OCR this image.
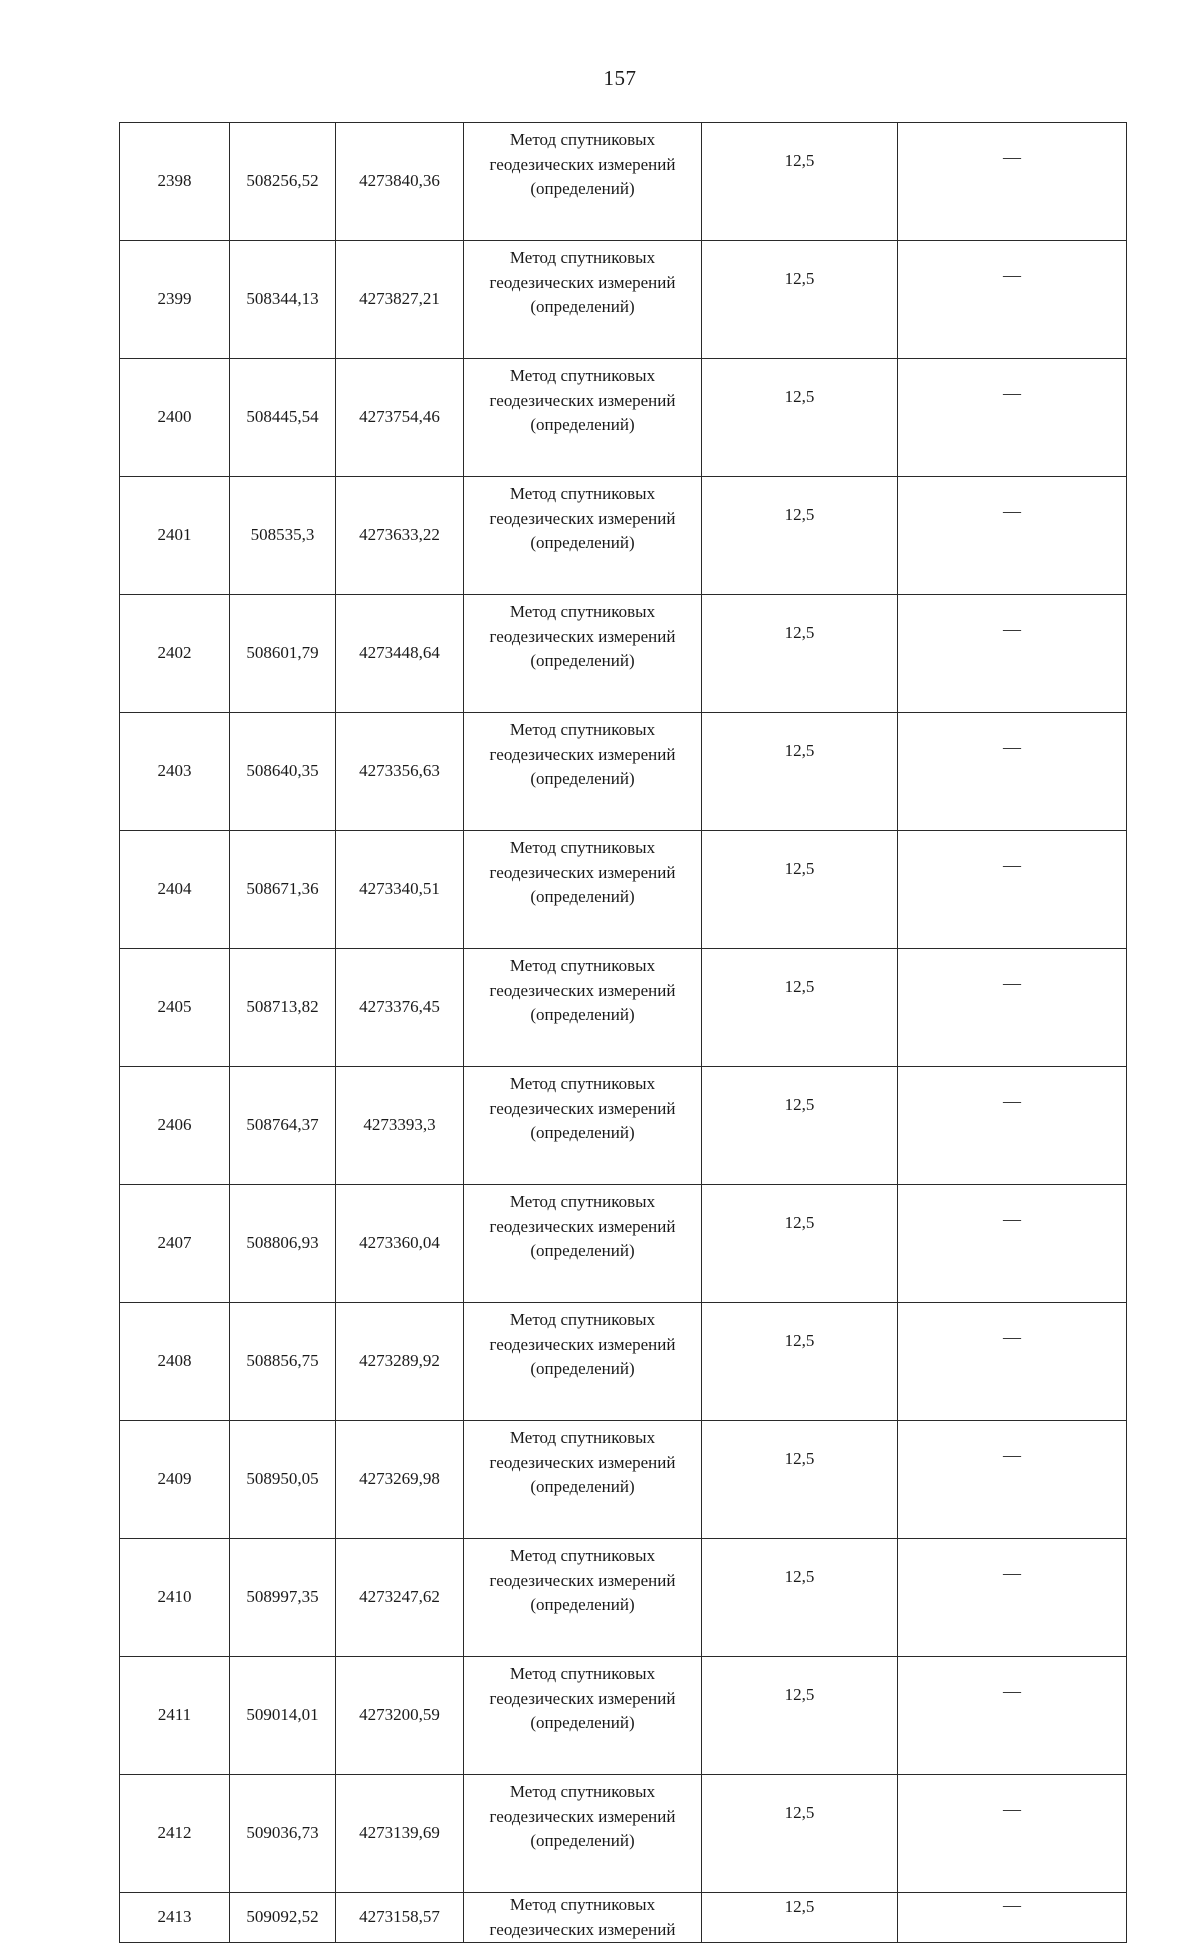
157
2398	508256,52	4273840,36	Метод спутниковых
геодезических измерений
(определений)	12,5	—
2399	508344,13	4273827,21	Метод спутниковых
геодезических измерений
(определений)	12,5	—
2400	508445,54	4273754,46	Метод спутниковых
геодезических измерений
(определений)	12,5	—
2401	508535,3	4273633,22	Метод спутниковых
геодезических измерений
(определений)	12,5	—
2402	508601,79	4273448,64	Метод спутниковых
геодезических измерений
(определений)	12,5	—
2403	508640,35	4273356,63	Метод спутниковых
геодезических измерений
(определений)	12,5	—
2404	508671,36	4273340,51	Метод спутниковых
геодезических измерений
(определений)	12,5	—
2405	508713,82	4273376,45	Метод спутниковых
геодезических измерений
(определений)	12,5	—
2406	508764,37	4273393,3	Метод спутниковых
геодезических измерений
(определений)	12,5	—
2407	508806,93	4273360,04	Метод спутниковых
геодезических измерений
(определений)	12,5	—
2408	508856,75	4273289,92	Метод спутниковых
геодезических измерений
(определений)	12,5	—
2409	508950,05	4273269,98	Метод спутниковых
геодезических измерений
(определений)	12,5	—
2410	508997,35	4273247,62	Метод спутниковых
геодезических измерений
(определений)	12,5	—
2411	509014,01	4273200,59	Метод спутниковых
геодезических измерений
(определений)	12,5	—
2412	509036,73	4273139,69	Метод спутниковых
геодезических измерений
(определений)	12,5	—
2413	509092,52	4273158,57	Метод спутниковых
геодезических измерений	12,5	—
